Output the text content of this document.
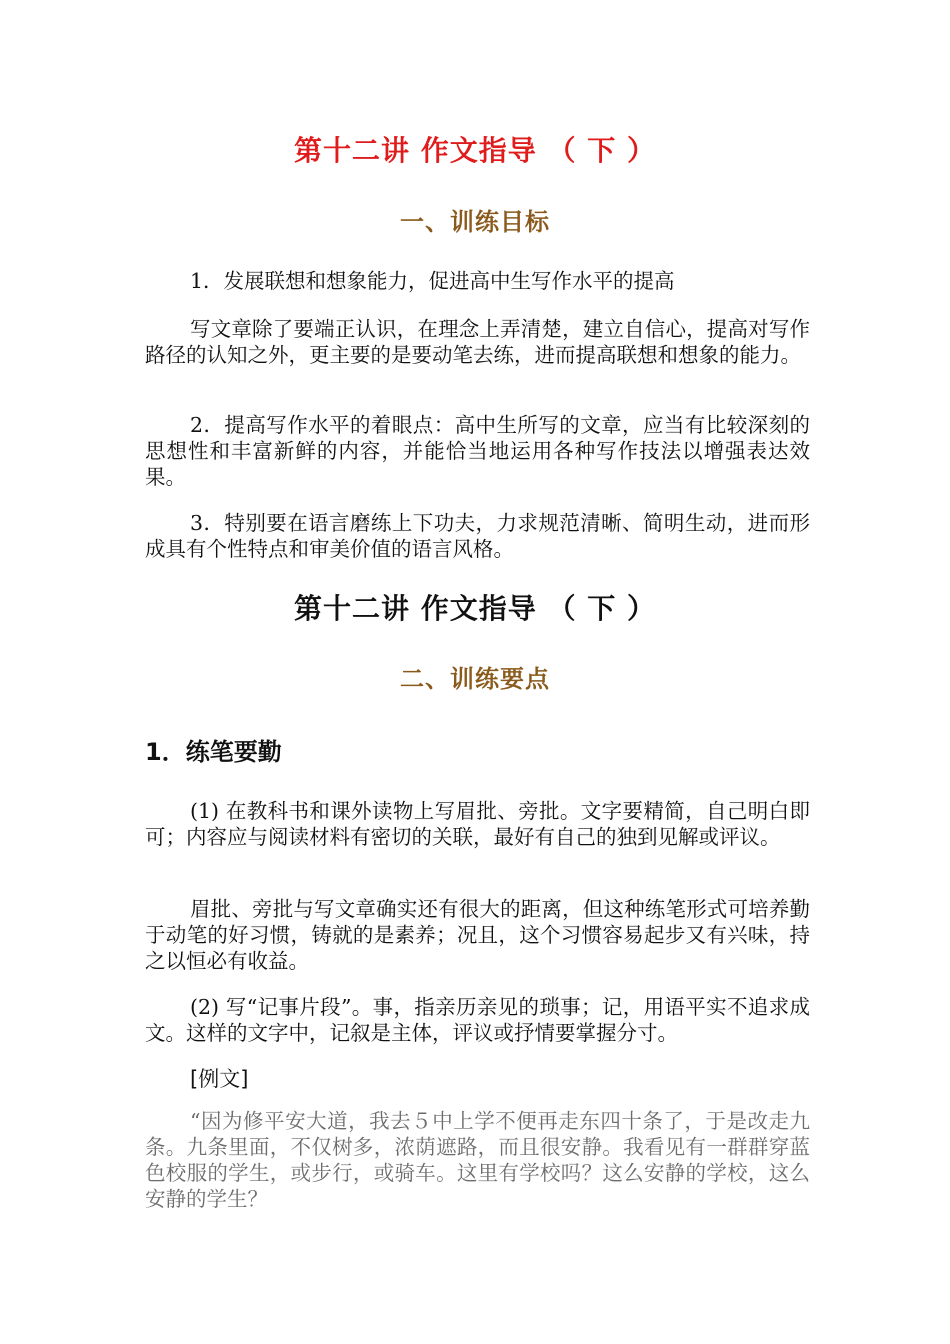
第十二讲 作文指导 （ 下 ）
一、训练目标

1．发展联想和想象能力，促进高中生写作水平的提高

写文章除了要端正认识，在理念上弄清楚，建立自信心，提高对写作路径的认知之外，更主要的是要动笔去练，进而提高联想和想象的能力。

2．提高写作水平的着眼点：高中生所写的文章，应当有比较深刻的思想性和丰富新鲜的内容，并能恰当地运用各种写作技法以增强表达效果。

3．特别要在语言磨练上下功夫，力求规范清晰、简明生动，进而形成具有个性特点和审美价值的语言风格。

第十二讲 作文指导 （ 下 ）
二、训练要点
1．练笔要勤

(1) 在教科书和课外读物上写眉批、旁批。文字要精简，自己明白即可；内容应与阅读材料有密切的关联，最好有自己的独到见解或评议。

眉批、旁批与写文章确实还有很大的距离，但这种练笔形式可培养勤于动笔的好习惯，铸就的是素养；况且，这个习惯容易起步又有兴味，持之以恒必有收益。

(2) 写“记事片段”。事，指亲历亲见的琐事；记，用语平实不追求成文。这样的文字中，记叙是主体，评议或抒情要掌握分寸。

[例文]

“因为修平安大道，我去５中上学不便再走东四十条了，于是改走九条。九条里面，不仅树多，浓荫遮路，而且很安静。我看见有一群群穿蓝色校服的学生，或步行，或骑车。这里有学校吗？这么安静的学校，这么安静的学生？
